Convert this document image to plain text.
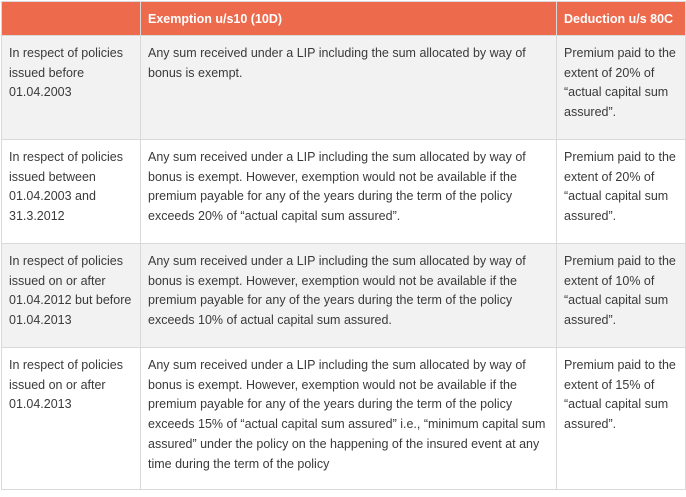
	Exemption u/s10 (10D)	Deduction u/s 80C
In respect of policies issued before 01.04.2003	Any sum received under a LIP including the sum allocated by way of bonus is exempt.	Premium paid to the extent of 20% of “actual capital sum assured”.
In respect of policies issued between 01.04.2003 and 31.3.2012	Any sum received under a LIP including the sum allocated by way of bonus is exempt. However, exemption would not be available if the premium payable for any of the years during the term of the policy exceeds 20% of “actual capital sum assured”.	Premium paid to the extent of 20% of “actual capital sum assured”.
In respect of policies issued on or after 01.04.2012 but before 01.04.2013	Any sum received under a LIP including the sum allocated by way of bonus is exempt. However, exemption would not be available if the premium payable for any of the years during the term of the policy exceeds 10% of actual capital sum assured.	Premium paid to the extent of 10% of “actual capital sum assured”.
In respect of policies issued on or after 01.04.2013	Any sum received under a LIP including the sum allocated by way of bonus is exempt. However, exemption would not be available if the premium payable for any of the years during the term of the policy exceeds 15% of “actual capital sum assured” i.e., “minimum capital sum assured” under the policy on the happening of the insured event at any time during the term of the policy	Premium paid to the extent of 15% of “actual capital sum assured”.
